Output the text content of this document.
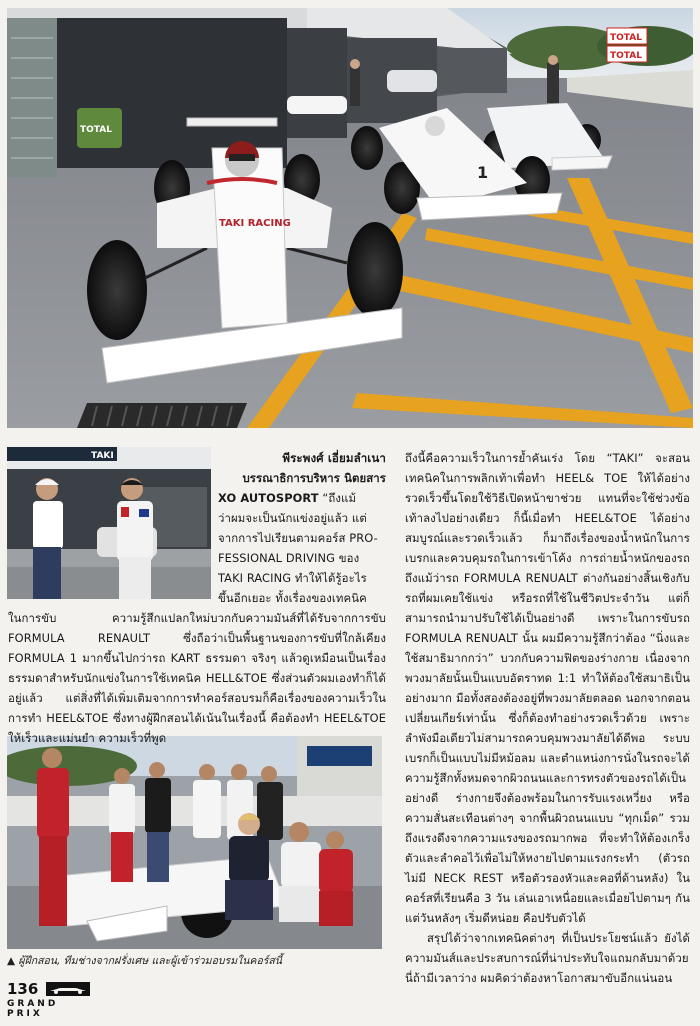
TOTAL
TOTAL
TOTAL
1
TAKI RACING
TAKI	พีระพงศ์ เอี่ยมลำเนา
บรรณาธิการบริหาร นิตยสาร
XO AUTOSPORT “ถึงแม้
ว่าผมจะเป็นนักแข่งอยู่แล้ว แต่
จากการไปเรียนตามคอร์ส PRO-
FESSIONAL DRIVING ของ
TAKI RACING ทำให้ได้รู้อะไร
ขึ้นอีกเยอะ ทั้งเรื่องของเทคนิค
ในการขับ ความรู้สึกแปลกใหม่บวกกับความมันส์ที่ได้รับจากการขับ FORMULA RENAULT ซึ่งถือว่าเป็นพื้นฐานของการขับที่ใกล้เคียง FORMULA 1 มากขึ้นไปกว่ารถ KART ธรรมดา จริงๆ แล้วดูเหมือนเป็นเรื่องธรรมดาสำหรับนักแข่งในการใช้เทคนิค HELL&TOE ซึ่งส่วนตัวผมเองทำก็ได้อยู่แล้ว แต่สิ่งที่ได้เพิ่มเติมจากการทำคอร์สอบรมก็คือเรื่องของความเร็วในการทำ HEEL&TOE ซึ่งทางผู้ฝึกสอนได้เน้นในเรื่องนี้ คือต้องทำ HEEL&TOE ให้เร็วและแม่นยำ ความเร็วที่พูด

ถึงนี้คือความเร็วในการย้ำคันเร่ง โดย “TAKI” จะสอนเทคนิคในการพลิกเท้าเพื่อทำ HEEL& TOE ให้ได้อย่างรวดเร็วขึ้นโดยใช้วิธีเปิดหน้าขาช่วย แทนที่จะใช้ช่วงข้อเท้าลงไปอย่างเดียว ก็นี้เมื่อทำ HEEL&TOE ได้อย่างสมบูรณ์และรวดเร็วแล้ว ก็มาถึงเรื่องของน้ำหนักในการเบรกและควบคุมรถในการเข้าโค้ง การถ่ายน้ำหนักของรถ ถึงแม้ว่ารถ FORMULA RENUALT ต่างกันอย่างสิ้นเชิงกับรถที่ผมเคยใช้แข่ง หรือรถที่ใช้ในชีวิตประจำวัน แต่ก็สามารถนำมาปรับใช้ได้เป็นอย่างดี เพราะในการขับรถ FORMULA RENUALT นั้น ผมมีความรู้สึกว่าต้อง “นิ่งและใช้สมาธิมากกว่า” บวกกับความฟิตของร่างกาย เนื่องจากพวงมาลัยนั้นเป็นแบบอัตราทด 1:1 ทำให้ต้องใช้สมาธิเป็นอย่างมาก มือทั้งสองต้องอยู่ที่พวงมาลัยตลอด นอกจากตอนเปลี่ยนเกียร์เท่านั้น ซึ่งก็ต้องทำอย่างรวดเร็วด้วย เพราะลำพังมือเดียวไม่สามารถควบคุมพวงมาลัยได้ดีพอ ระบบเบรกก็เป็นแบบไม่มีหม้อลม และตำแหน่งการนั่งในรถจะได้ความรู้สึกทั้งหมดจากผิวถนนและการทรงตัวของรถได้เป็นอย่างดี ร่างกายจึงต้องพร้อมในการรับแรงเหวี่ยง หรือความสั่นสะเทือนต่างๆ จากพื้นผิวถนนแบบ “ทุกเม็ด” รวมถึงแรงดึงจากความแรงของรถมากพอ ที่จะทำให้ต้องเกร็งตัวและลำคอไว้เพื่อไม่ให้หงายไปตามแรงกระทำ (ตัวรถไม่มี NECK REST หรือตัวรองหัวและคอที่ด้านหลัง) ในคอร์สที่เรียนคือ 3 วัน เล่นเอาเหนื่อยและเมื่อยไปตามๆ กัน แต่วันหลังๆ เริ่มดีหน่อย คือปรับตัวได้

สรุปได้ว่าจากเทคนิคต่างๆ ที่เป็นประโยชน์แล้ว ยังได้ความมันส์และประสบการณ์ที่น่าประทับใจแถมกลับมาด้วย นี่ถ้ามีเวลาว่าง ผมคิดว่าต้องหาโอกาสมาขับอีกแน่นอน

▲ ผู้ฝึกสอน, ทีมช่างจากฝรั่งเศษ และผู้เข้าร่วมอบรมในคอร์สนี้
136
GRAND PRIX
